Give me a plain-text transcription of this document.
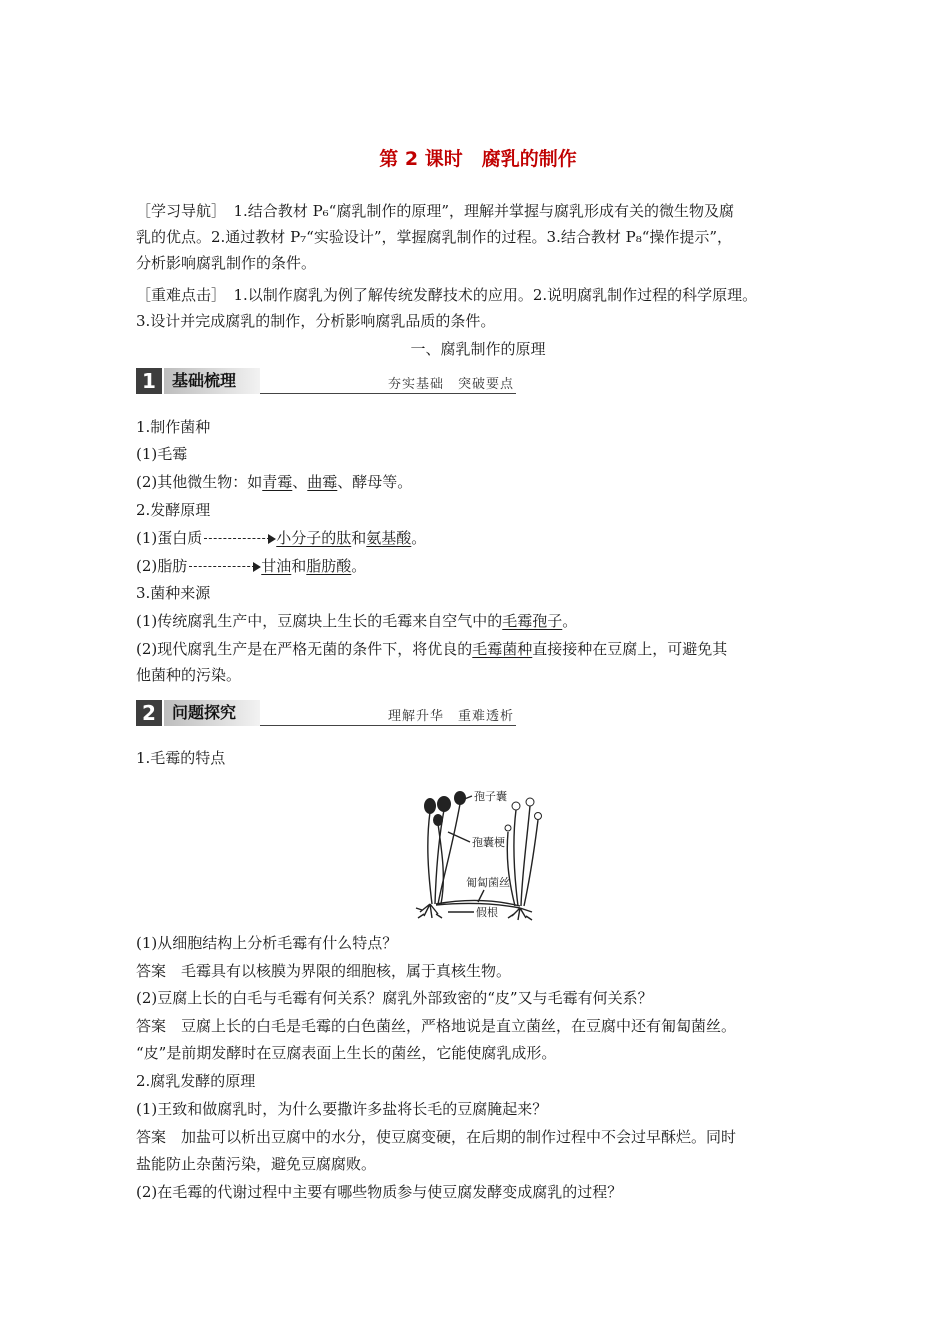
第 2 课时　腐乳的制作
［学习导航］　1.结合教材 P₆“腐乳制作的原理”，理解并掌握与腐乳形成有关的微生物及腐
乳的优点。2.通过教材 P₇“实验设计”，掌握腐乳制作的过程。3.结合教材 P₈“操作提示”，
分析影响腐乳制作的条件。
［重难点击］　1.以制作腐乳为例了解传统发酵技术的应用。2.说明腐乳制作过程的科学原理。
3.设计并完成腐乳的制作，分析影响腐乳品质的条件。
一、腐乳制作的原理
1	基础梳理	夯实基础　突破要点
1.制作菌种
(1)毛霉
(2)其他微生物：如青霉、曲霉、酵母等。
2.发酵原理
(1)蛋白质	小分子的肽和氨基酸。
(2)脂肪	甘油和脂肪酸。
3.菌种来源
(1)传统腐乳生产中，豆腐块上生长的毛霉来自空气中的毛霉孢子。
(2)现代腐乳生产是在严格无菌的条件下，将优良的毛霉菌种直接接种在豆腐上，可避免其
他菌种的污染。
2	问题探究	理解升华　重难透析
1.毛霉的特点
孢子囊
孢囊梗
匍匐菌丝
假根
(1)从细胞结构上分析毛霉有什么特点？
答案　毛霉具有以核膜为界限的细胞核，属于真核生物。
(2)豆腐上长的白毛与毛霉有何关系？腐乳外部致密的“皮”又与毛霉有何关系？
答案　豆腐上长的白毛是毛霉的白色菌丝，严格地说是直立菌丝，在豆腐中还有匍匐菌丝。
“皮”是前期发酵时在豆腐表面上生长的菌丝，它能使腐乳成形。
2.腐乳发酵的原理
(1)王致和做腐乳时，为什么要撒许多盐将长毛的豆腐腌起来？
答案　加盐可以析出豆腐中的水分，使豆腐变硬，在后期的制作过程中不会过早酥烂。同时
盐能防止杂菌污染，避免豆腐腐败。
(2)在毛霉的代谢过程中主要有哪些物质参与使豆腐发酵变成腐乳的过程？
